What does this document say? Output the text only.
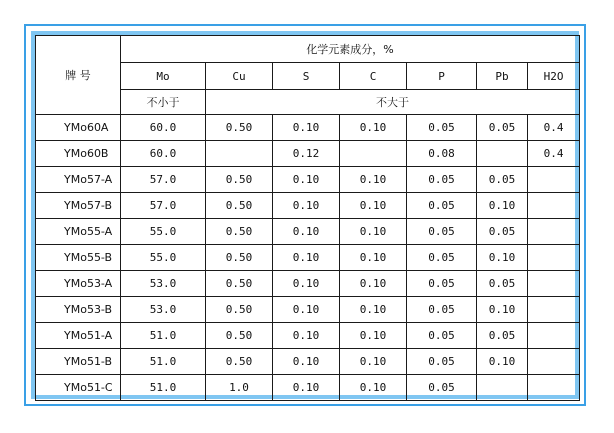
牌 号	化学元素成分，%						
	Mo	Cu	S	C	P	Pb	H2O
	不小于	不大于					
YMo60A	60.0	0.50	0.10	0.10	0.05	0.05	0.4
YMo60B	60.0		0.12		0.08		0.4
YMo57-A	57.0	0.50	0.10	0.10	0.05	0.05	
YMo57-B	57.0	0.50	0.10	0.10	0.05	0.10	
YMo55-A	55.0	0.50	0.10	0.10	0.05	0.05	
YMo55-B	55.0	0.50	0.10	0.10	0.05	0.10	
YMo53-A	53.0	0.50	0.10	0.10	0.05	0.05	
YMo53-B	53.0	0.50	0.10	0.10	0.05	0.10	
YMo51-A	51.0	0.50	0.10	0.10	0.05	0.05	
YMo51-B	51.0	0.50	0.10	0.10	0.05	0.10	
YMo51-C	51.0	1.0	0.10	0.10	0.05		
